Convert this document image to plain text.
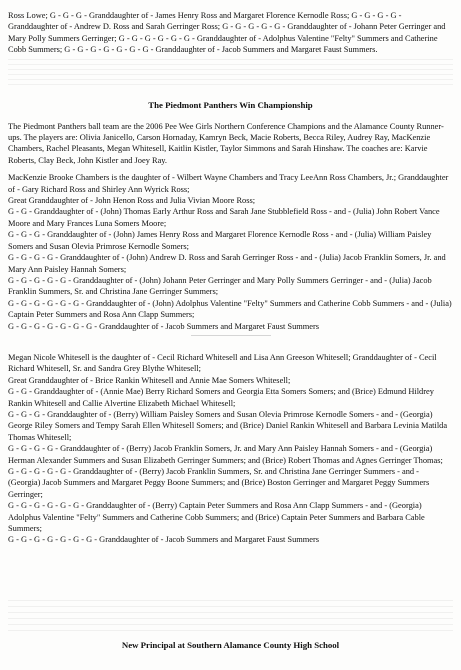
Ross Lowe; G - G - G - Granddaughter of - James Henry Ross and Margaret Florence Kernodle Ross; G - G - G - G - Granddaughter of - Andrew D. Ross and Sarah Gerringer Ross; G - G - G - G - G - Granddaughter of - Johann Peter Gerringer and Mary Polly Summers Gerringer; G - G - G - G - G - G - Granddaughter of - Adolphus Valentine "Felty" Summers and Catherine Cobb Summers; G - G - G - G - G - G - G - Granddaughter of - Jacob Summers and Margaret Faust Summers.

The Piedmont Panthers Win Championship

The Piedmont Panthers ball team are the 2006 Pee Wee Girls Northern Conference Champions and the Alamance County Runner-ups. The players are: Olivia Janicello, Carson Hornaday, Kamryn Beck, Macie Roberts, Becca Riley, Audrey Ray, MacKenzie Chambers, Rachel Pleasants, Megan Whitesell, Kaitlin Kistler, Taylor Simmons and Sarah Hinshaw. The coaches are: Karvie Roberts, Clay Beck, John Kistler and Joey Ray.

MacKenzie Brooke Chambers is the daughter of - Wilbert Wayne Chambers and Tracy LeeAnn Ross Chambers, Jr.; Granddaughter of - Gary Richard Ross and Shirley Ann Wyrick Ross;

Great Granddaughter of - John Henon Ross and Julia Vivian Moore Ross;

G - G - Granddaughter of - (John) Thomas Early Arthur Ross and Sarah Jane Stubblefield Ross - and - (Julia) John Robert Vance Moore and Mary Frances Luna Somers Moore;

G - G - G - Granddaughter of - (John) James Henry Ross and Margaret Florence Kernodle Ross - and - (Julia) William Paisley Somers and Susan Olevia Primrose Kernodle Somers;

G - G - G - G - Granddaughter of - (John) Andrew D. Ross and Sarah Gerringer Ross - and - (Julia) Jacob Franklin Somers, Jr. and Mary Ann Paisley Hannah Somers;

G - G - G - G - G - Granddaughter of - (John) Johann Peter Gerringer and Mary Polly Summers Gerringer - and - (Julia) Jacob Franklin Summers, Sr. and Christina Jane Gerringer Summers;

G - G - G - G - G - G - Granddaughter of - (John) Adolphus Valentine "Felty" Summers and Catherine Cobb Summers - and - (Julia) Captain Peter Summers and Rosa Ann Clapp Summers;

G - G - G - G - G - G - G - Granddaughter of - Jacob Summers and Margaret Faust Summers

Megan Nicole Whitesell is the daughter of - Cecil Richard Whitesell and Lisa Ann Greeson Whitesell; Granddaughter of - Cecil Richard Whitesell, Sr. and Sandra Grey Blythe Whitesell;

Great Granddaughter of - Brice Rankin Whitesell and Annie Mae Somers Whitesell;

G - G - Granddaughter of - (Annie Mae) Berry Richard Somers and Georgia Etta Somers Somers; and (Brice) Edmund Hildrey Rankin Whitesell and Callie Alvertine Elizabeth Michael Whitesell;

G - G - G - Granddaughter of - (Berry) William Paisley Somers and Susan Olevia Primrose Kernodle Somers - and - (Georgia) George Riley Somers and Tempy Sarah Ellen Whitesell Somers; and (Brice) Daniel Rankin Whitesell and Barbara Levinia Matilda Thomas Whitesell;

G - G - G - G - Granddaughter of - (Berry) Jacob Franklin Somers, Jr. and Mary Ann Paisley Hannah Somers - and - (Georgia) Herman Alexander Summers and Susan Elizabeth Gerringer Summers; and (Brice) Robert Thomas and Agnes Gerringer Thomas;

G - G - G - G - G - Granddaughter of - (Berry) Jacob Franklin Summers, Sr. and Christina Jane Gerringer Summers - and - (Georgia) Jacob Summers and Margaret Peggy Boone Summers; and (Brice) Boston Gerringer and Margaret Peggy Summers Gerringer;

G - G - G - G - G - G - Granddaughter of - (Berry) Captain Peter Summers and Rosa Ann Clapp Summers - and - (Georgia) Adolphus Valentine "Felty" Summers and Catherine Cobb Summers; and (Brice) Captain Peter Summers and Barbara Cable Summers;

G - G - G - G - G - G - G - Granddaughter of - Jacob Summers and Margaret Faust Summers

New Principal at Southern Alamance County High School
